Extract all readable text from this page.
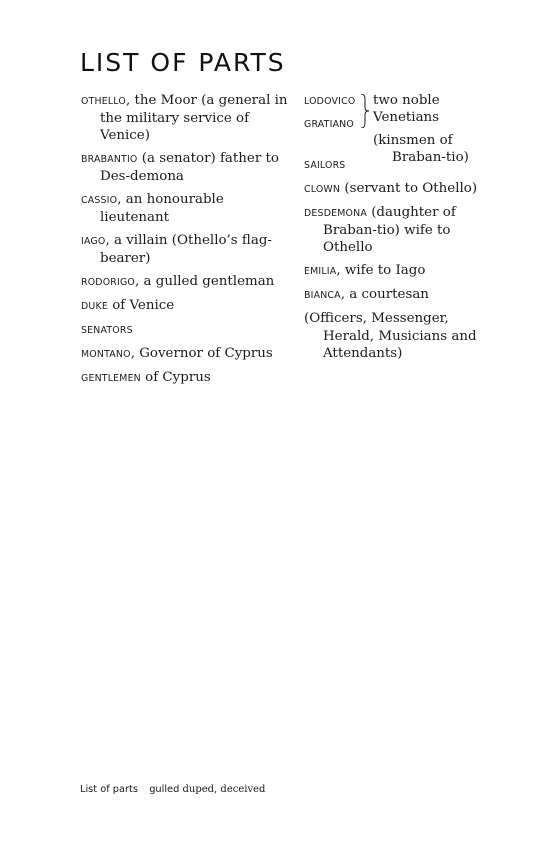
LIST OF PARTS
OTHELLO, the Moor (a general in the military service of Venice)
BRABANTIO (a senator) father to Des-demona
CASSIO, an honourable lieutenant
IAGO, a villain (Othello’s flag-bearer)
RODORIGO, a gulled gentleman
DUKE of Venice
SENATORS
MONTANO, Governor of Cyprus
GENTLEMEN of Cyprus
LODOVICO
GRATIANO
two noble Venetians
(kinsmen of Braban-tio)
SAILORS
CLOWN (servant to Othello)
DESDEMONA (daughter of Braban-tio) wife to Othello
EMILIA, wife to Iago
BIANCA, a courtesan
(Officers, Messenger, Herald, Musicians and Attendants)
List of parts gulled duped, deceived
